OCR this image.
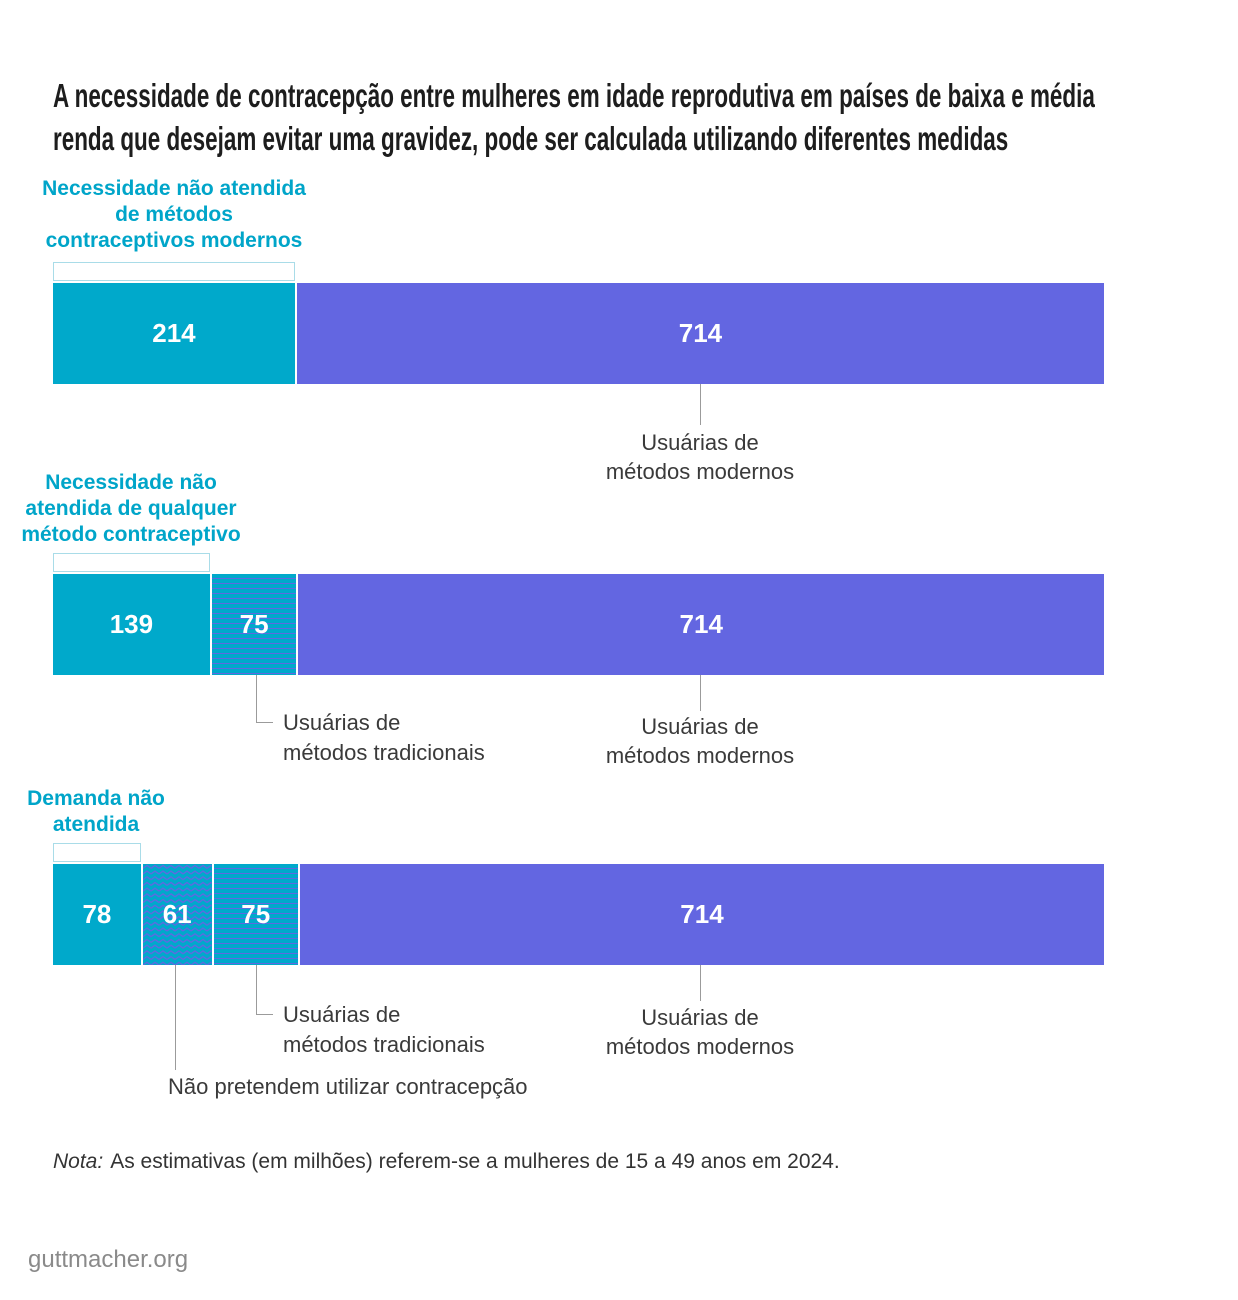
A necessidade de contracepção entre mulheres em idade reprodutiva em países de baixa e média
renda que desejam evitar uma gravidez, pode ser calculada utilizando diferentes medidas
Necessidade não atendida
de métodos
contraceptivos modernos
214	714
Usuárias de
métodos modernos
Necessidade não
atendida de qualquer
método contraceptivo
139	75	714
Usuárias de
métodos tradicionais
Usuárias de
métodos modernos
Demanda não
atendida
78 61 75	714
Não pretendem utilizar contracepção
Usuárias de
métodos tradicionais
Usuárias de
métodos modernos
Nota: As estimativas (em milhões) referem-se a mulheres de 15 a 49 anos em 2024.
guttmacher.org
